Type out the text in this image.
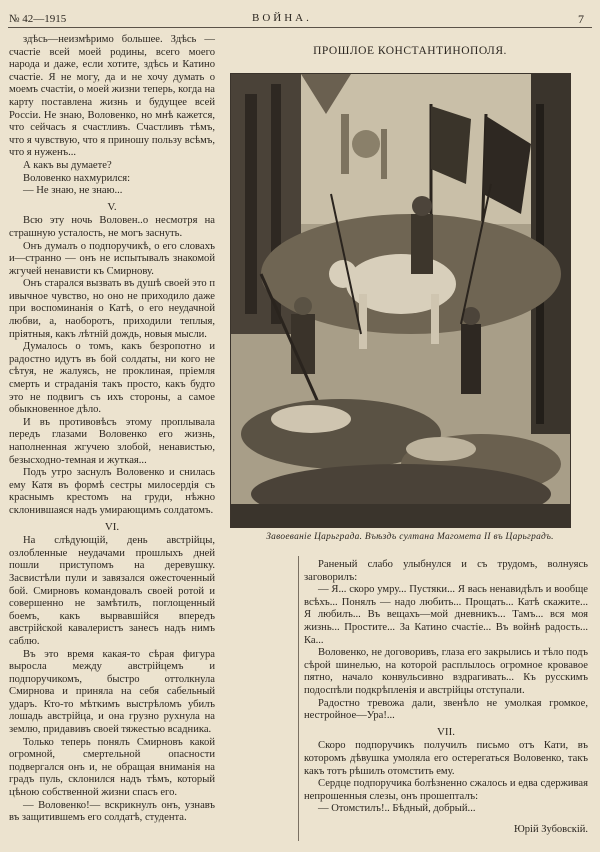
№ 42—1915	ВОЙНА.	7

здѣсь—неизмѣримо большее. Здѣсь —счастіе всей моей родины, всего моего народа и даже, если хотите, здѣсь и Катино счастіе. Я не могу, да и не хочу думать о моемъ счастіи, о моей жизни теперь, когда на карту поставлена жизнь и будущее всей Россіи. Не знаю, Воловенко, но мнѣ кажется, что сейчасъ я счастливъ. Счастливъ тѣмъ, что я чувствую, что я приношу пользу всѣмъ, что я нуженъ...

А какъ вы думаете?

Воловенко нахмурился:

— Не знаю, не знаю...

V.

Всю эту ночь Воловен..о несмотря на страшную усталость, не могъ заснуть.

Онъ думалъ о подпоручикѣ, о его словахъ и—странно — онъ не испытывалъ знакомой жгучей ненависти къ Смирнову.

Онъ старался вызвать въ душѣ своей это п ивычное чувство, но оно не приходило даже при воспоминанія о Катѣ, о его неудачной любви, а, наоборотъ, приходили теплыя, пріятныя, какъ лѣтній дождь, новыя мысли.

Думалось о томъ, какъ безропотно и радостно идутъ въ бой солдаты, ни кого не сѣтуя, не жалуясь, не проклиная, пріемля смерть и страданія такъ просто, какъ будто это не подвигъ съ ихъ стороны, а самое обыкновенное дѣло.

И въ противовѣсъ этому проплывала передъ глазами Воловенко его жизнь, наполненная жгучею злобой, ненавистью, безысходно-темная и жуткая...

Подъ утро заснулъ Воловенко и снилась ему Катя въ формѣ сестры милосердія съ краснымъ крестомъ на груди, нѣжно склонившаяся надъ умирающимъ солдатомъ.

VI.

На слѣдующій, день австрійцы, озлобленные неудачами прошлыхъ дней пошли приступомъ на деревушку. Засвистѣли пули и завязался ожесточенный бой. Смирновъ командовалъ своей ротой и совершенно не замѣтилъ, поглощенный боемъ, какъ вырвавшійся впередъ австрійской кавалеристъ занесъ надъ нимъ саблю.

Въ это время какая-то сѣрая фигура выросла между австрійцемъ и подпоручикомъ, быстро оттолкнула Смирнова и приняла на себя сабельный ударъ. Кто-то мѣткимъ выстрѣломъ убилъ лошадь австрійца, и она грузно рухнула на землю, придавивъ своей тяжестью всадника.

Только теперь понялъ Смирновъ какой огромной, смертельной опасности подвергался онъ и, не обращая вниманія на градъ пуль, склонился надъ тѣмъ, который цѣною собственной жизни спасъ его.

— Воловенко!— вскрикнулъ онъ, узнавъ въ защитившемъ его солдатѣ, студента.

ПРОШЛОЕ КОНСТАНТИНОПОЛЯ.
Завоеваніе Царьграда. Въѣздъ султана Магомета II въ Царьградъ.

Раненый слабо улыбнулся и съ трудомъ, волнуясь заговорилъ:

— Я... скоро умру... Пустяки... Я вась ненавидѣлъ и вообще всѣхъ... Понялъ — надо любить... Прощать... Катѣ скажите... Я любилъ... Въ вещахъ—мой дневникъ... Тамъ... вся моя жизнь... Простите... За Катино счастіе... Въ войнѣ радость... Ка...

Воловенко, не договоривъ, глаза его закрылись и тѣло подъ сѣрой шинелью, на которой расплылось огромное кровавое пятно, начало конвульсивно вздрагивать... Къ русскимъ подоспѣли подкрѣпленія и австрійцы отступали.

Радостно тревожа дали, звенѣло не умолкая громкое, нестройное—Ура!...

VII.

Скоро подпоручикъ получилъ письмо отъ Кати, въ которомъ дѣвушка умоляла его остерегаться Воловенко, такъ какъ тотъ рѣшилъ отомстить ему.

Сердце подпоручика болѣзненно сжалось и едва сдерживая непрошенныя слезы, онъ прошепталъ:

— Отомстилъ!.. Бѣдный, добрый...

Юрій Зубовскій.
